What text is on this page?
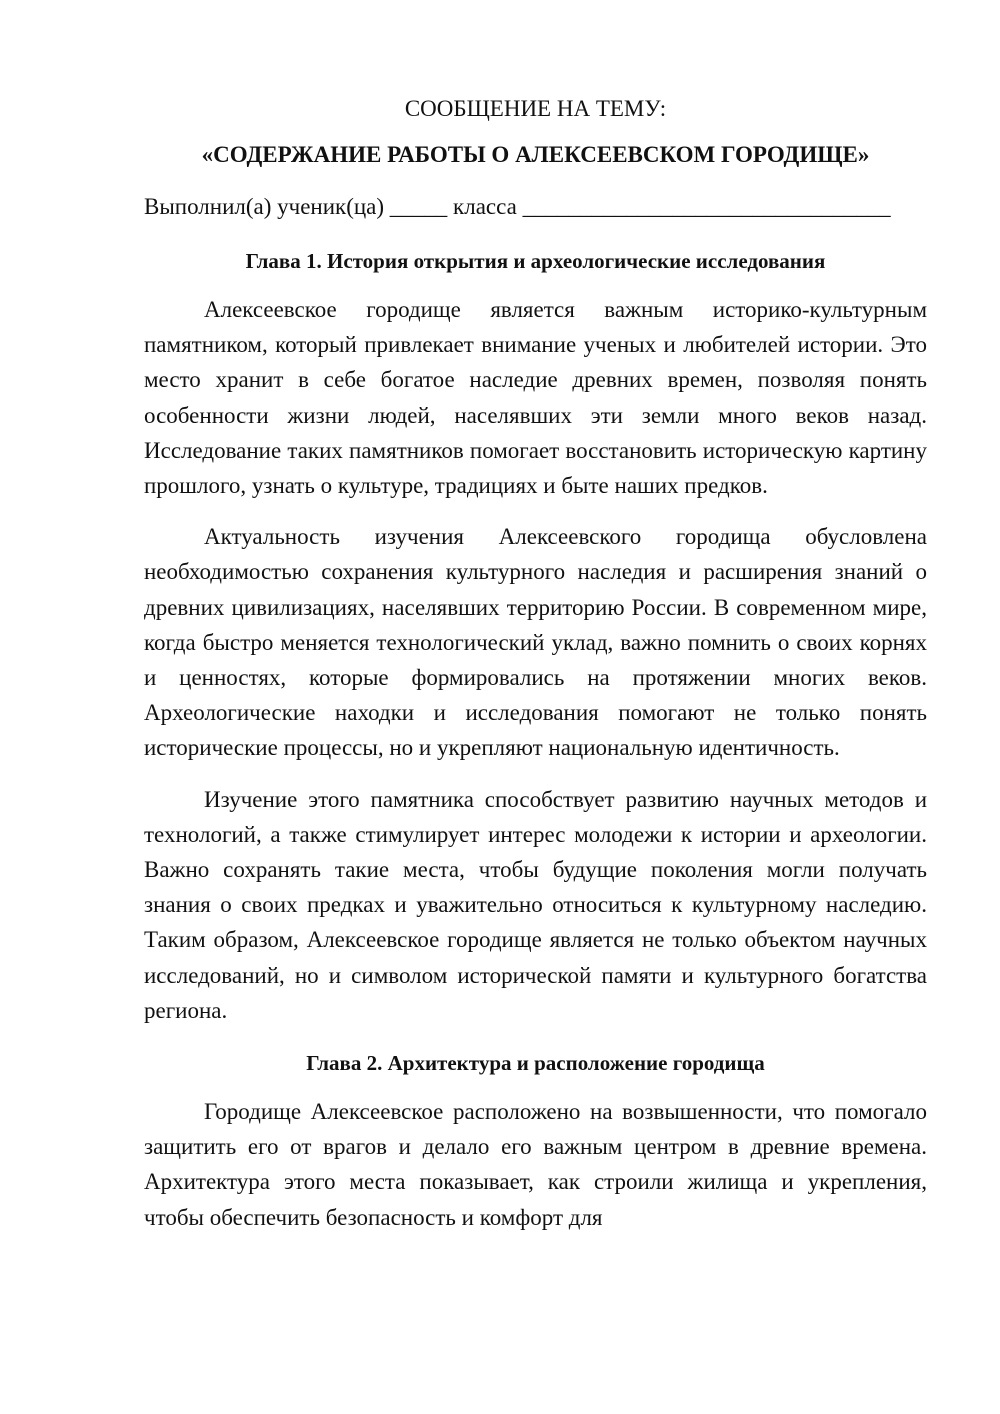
СООБЩЕНИЕ НА ТЕМУ:

«СОДЕРЖАНИЕ РАБОТЫ О АЛЕКСЕЕВСКОМ ГОРОДИЩЕ»

Выполнил(а) ученик(ца) _____ класса ________________________________

Глава 1. История открытия и археологические исследования

Алексеевское городище является важным историко-культурным памятником, который привлекает внимание ученых и любителей истории. Это место хранит в себе богатое наследие древних времен, позволяя понять особенности жизни людей, населявших эти земли много веков назад. Исследование таких памятников помогает восстановить историческую картину прошлого, узнать о культуре, традициях и быте наших предков.

Актуальность изучения Алексеевского городища обусловлена необходимостью сохранения культурного наследия и расширения знаний о древних цивилизациях, населявших территорию России. В современном мире, когда быстро меняется технологический уклад, важно помнить о своих корнях и ценностях, которые формировались на протяжении многих веков. Археологические находки и исследования помогают не только понять исторические процессы, но и укрепляют национальную идентичность.

Изучение этого памятника способствует развитию научных методов и технологий, а также стимулирует интерес молодежи к истории и археологии. Важно сохранять такие места, чтобы будущие поколения могли получать знания о своих предках и уважительно относиться к культурному наследию. Таким образом, Алексеевское городище является не только объектом научных исследований, но и символом исторической памяти и культурного богатства региона.

Глава 2. Архитектура и расположение городища

Городище Алексеевское расположено на возвышенности, что помогало защитить его от врагов и делало его важным центром в древние времена. Архитектура этого места показывает, как строили жилища и укрепления, чтобы обеспечить безопасность и комфорт для
